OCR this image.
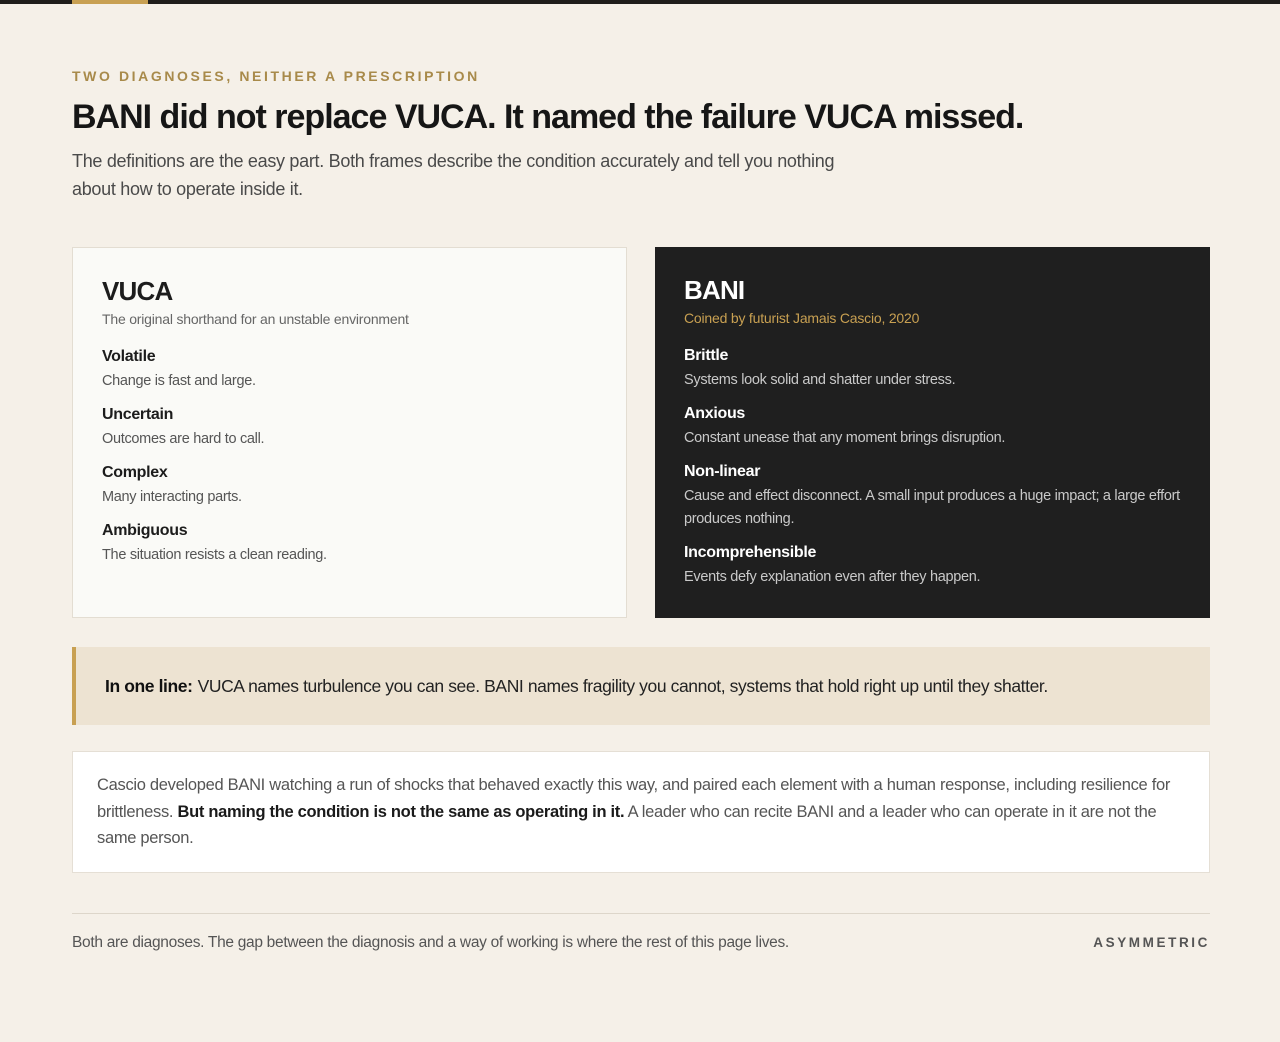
TWO DIAGNOSES, NEITHER A PRESCRIPTION
BANI did not replace VUCA. It named the failure VUCA missed.

The definitions are the easy part. Both frames describe the condition accurately and tell you nothing about how to operate inside it.

VUCA
The original shorthand for an unstable environment
Volatile
Change is fast and large.
Uncertain
Outcomes are hard to call.
Complex
Many interacting parts.
Ambiguous
The situation resists a clean reading.
BANI
Coined by futurist Jamais Cascio, 2020
Brittle
Systems look solid and shatter under stress.
Anxious
Constant unease that any moment brings disruption.
Non-linear
Cause and effect disconnect. A small input produces a huge impact; a large effort produces nothing.
Incomprehensible
Events defy explanation even after they happen.

In one line: VUCA names turbulence you can see. BANI names fragility you cannot, systems that hold right up until they shatter.

Cascio developed BANI watching a run of shocks that behaved exactly this way, and paired each element with a human response, including resilience for brittleness. But naming the condition is not the same as operating in it. A leader who can recite BANI and a leader who can operate in it are not the same person.

Both are diagnoses. The gap between the diagnosis and a way of working is where the rest of this page lives.	ASYMMETRIC
